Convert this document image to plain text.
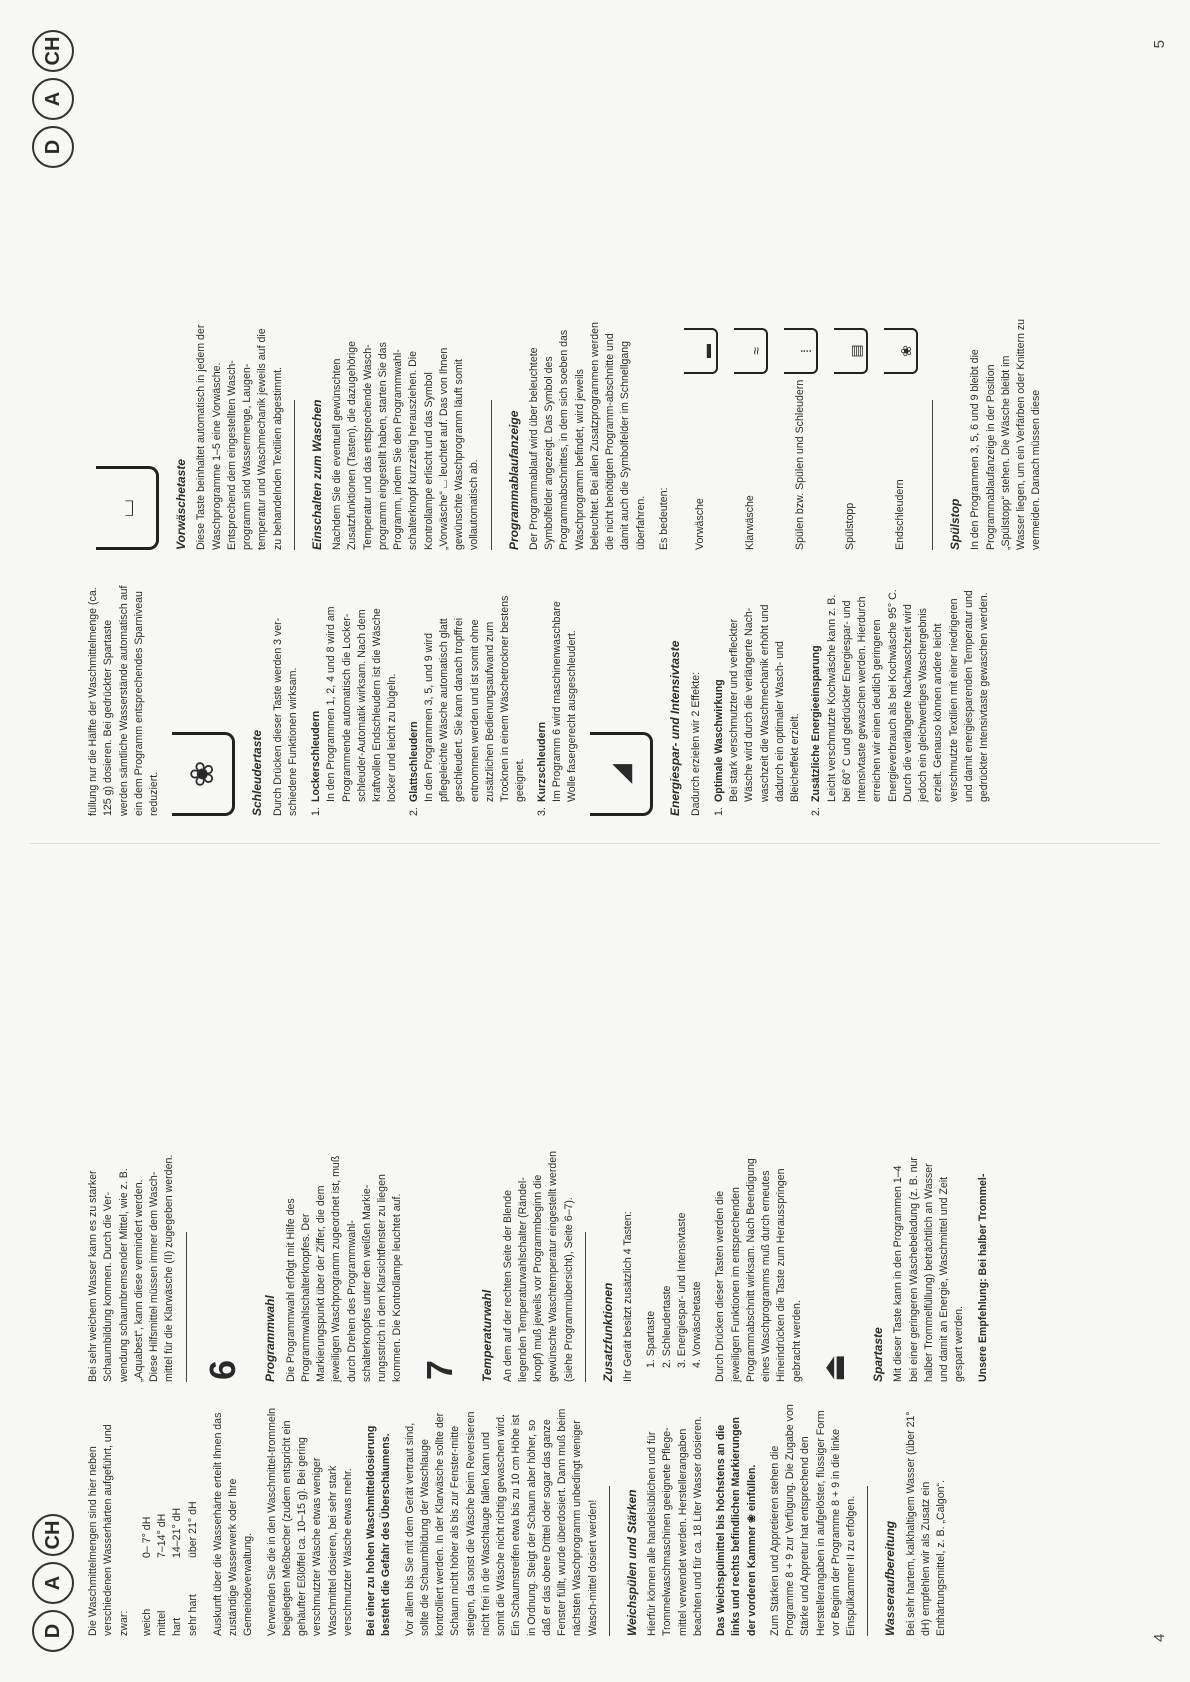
D
A
CH
D
A
CH

Die Waschmittelmengen sind hier neben verschiedenen Wasserhärten aufgeführt, und zwar: weich
0– 7° dH
mittel
7–14° dH
hart
14–21° dH
sehr hart
über 21° dH Auskunft über die Wasserhärte erteilt Ihnen das zuständige Wasserwerk oder Ihre Gemeindeverwaltung. Verwenden Sie die in den Waschmittel-trommeln beigelegten Meßbecher (zudem entspricht ein gehäufter Eßlöffel ca. 10–15 g). Bei gering verschmutzter Wäsche etwas weniger Waschmittel dosieren, bei sehr stark verschmutzter Wäsche etwas mehr. Bei einer zu hohen Waschmitteldosierung besteht die Gefahr des Überschäumens. Vor allem bis Sie mit dem Gerät vertraut sind, sollte die Schaumbildung der Waschlauge kontrolliert werden. In der Klarwäsche sollte der Schaum nicht höher als bis zur Fenster-mitte steigen, da sonst die Wäsche beim Reversieren nicht frei in die Waschlauge fallen kann und somit die Wäsche nicht richtig gewaschen wird. Ein Schaumstreifen etwa bis zu 10 cm Höhe ist in Ordnung. Steigt der Schaum aber höher, so daß er das obere Drittel oder sogar das ganze Fenster füllt, wurde überdosiert. Dann muß beim nächsten Waschprogramm unbedingt weniger Wasch-mittel dosiert werden! Weichspülen und Stärken Hierfür können alle handelsüblichen und für Trommelwaschmaschinen geeignete Pflege-mittel verwendet werden. Herstellerangaben beachten und für ca. 18 Liter Wasser dosieren. Das Weichspülmittel bis höchstens an die links und rechts befindlichen Markierungen der vorderen Kammer ❀ einfüllen. Zum Stärken und Appretieren stehen die Programme 8 + 9 zur Verfügung. Die Zugabe von Stärke und Appretur hat entsprechend den Herstellerangaben in aufgelöster, flüssiger Form vor Beginn der Programme 8 + 9 in die linke Einspülkammer II zu erfolgen. Wasseraufbereitung Bei sehr hartem, kalkhaltigem Wasser (über 21° dH) empfehlen wir als Zusatz ein Enthärtungsmittel, z. B. „Calgon“.

Bei sehr weichem Wasser kann es zu starker Schaumbildung kommen. Durch die Ver-wendung schaumbremsender Mittel, wie z. B. „Aquabest“, kann diese vermindert werden. Diese Hilfsmittel müssen immer dem Wasch-mittel für die Klarwäsche (II) zugegeben werden. 6	Programmwahl Die Programmwahl erfolgt mit Hilfe des Programmwahlschalterknopfes. Der Markierungspunkt über der Ziffer, die dem jeweiligen Waschprogramm zugeordnet ist, muß durch Drehen des Programmwahl-schalterknopfes unter den weißen Markie-rungsstrich in dem Klarsichtfenster zu liegen kommen. Die Kontrollampe leuchtet auf. 7	Temperaturwahl An dem auf der rechten Seite der Blende liegenden Temperaturwahlschalter (Rändel-knopf) muß jeweils vor Programmbeginn die gewünschte Waschtemperatur eingestellt werden (siehe Programmübersicht), Seite 6–7). Zusatzfunktionen Ihr Gerät besitzt zusätzlich 4 Tasten: 1. Spartaste 2. Schleudertaste 3. Energiespar- und Intensivtaste 4. Vorwäschetaste Durch Drücken dieser Tasten werden die jeweiligen Funktionen im entsprechenden Programmabschnitt wirksam. Nach Beendigung eines Waschprogramms muß durch erneutes Hineindrücken die Taste zum Herausspringen gebracht werden. ⏏	Spartaste Mit dieser Taste kann in den Programmen 1–4 bei einer geringeren Wäschebeladung (z. B. nur halber Trommelfüllung) beträchtlich an Wasser und damit an Energie, Waschmittel und Zeit gespart werden. Unsere Empfehlung: Bei halber Trommel-

füllung nur die Hälfte der Waschmittelmenge (ca. 125 g) dosieren. Bei gedrückter Spartaste werden sämtliche Wasserstände automatisch auf ein dem Programm entsprechendes Sparniveau reduziert. ❀	Schleudertaste Durch Drücken dieser Taste werden 3 ver-schiedene Funktionen wirksam. 1.
Lockerschleudern In den Programmen 1, 2, 4 und 8 wird am Programmende automatisch die Locker-schleuder-Automatik wirksam. Nach dem kraftvollen Endschleudern ist die Wäsche locker und leicht zu bügeln.
2.
Glattschleudern In den Programmen 3, 5, und 9 wird pflegeleichte Wäsche automatisch glatt geschleudert. Sie kann danach tropffrei entnommen werden und ist somit ohne zusätzlichen Bedienungsaufwand zum Trocknen in einem Wäschetrockner bestens geeignet.
3.
Kurzschleudern Im Programm 6 wird maschinenwaschbare Wolle fasergerecht ausgeschleudert.	◢	Energiespar- und Intensivtaste Dadurch erzielen wir 2 Effekte: 1.
Optimale Waschwirkung Bei stark verschmutzter und verfleckter Wäsche wird durch die verlängerte Nach-waschzeit die Waschmechanik erhöht und dadurch ein optimaler Wasch- und Bleicheffekt erzielt.
2.
Zusätzliche Energieeinsparung Leicht verschmutzte Kochwäsche kann z. B. bei 60° C und gedrückter Energiespar- und Intensivtaste gewaschen werden. Hierdurch erreichen wir einen deutlich geringeren Energieverbrauch als bei Kochwäsche 95° C. Durch die verlängerte Nachwaschzeit wird jedoch ein gleichwertiges Waschergebnis erzielt. Genauso können andere leicht verschmutzte Textilien mit einer niedrigeren und damit energiesparenden Temperatur und gedrückter Intensivtaste gewaschen werden.
⌴	Vorwäschetaste Diese Taste beinhaltet automatisch in jedem der Waschprogramme 1–5 eine Vorwäsche. Entsprechend dem eingestellten Wasch-programm sind Wassermenge, Laugen-temperatur und Waschmechanik jeweils auf die zu behandelnden Textilien abgestimmt. Einschalten zum Waschen Nachdem Sie die eventuell gewünschten Zusatzfunktionen (Tasten), die dazugehörige Temperatur und das entsprechende Wasch-programm eingestellt haben, starten Sie das Programm, indem Sie den Programmwahl-schalterknopf kurzzeitig herausziehen. Die Kontrollampe erlischt und das Symbol „Vorwäsche“ ⌴ leuchtet auf. Das von Ihnen gewünschte Waschprogramm läuft somit vollautomatisch ab. Programmablaufanzeige Der Programmablauf wird über beleuchtete Symbolfelder angezeigt. Das Symbol des Programmabschnittes, in dem sich soeben das Waschprogramm befindet, wird jeweils beleuchtet. Bei allen Zusatzprogrammen werden die nicht benötigten Programm-abschnitte und damit auch die Symbolfelder im Schnellgang überfahren. Es bedeuten: Vorwäsche
▬
Klarwäsche
≈
Spülen bzw. Spülen und Schleudern
⁞
Spülstopp
▤
Endschleudern
❀
Spülstop In den Programmen 3, 5, 6 und 9 bleibt die Programmablaufanzeige in der Position „Spülstopp“ stehen. Die Wäsche bleibt im Wasser liegen, um ein Verfärben oder Knittern zu vermeiden. Danach müssen diese

4
5
